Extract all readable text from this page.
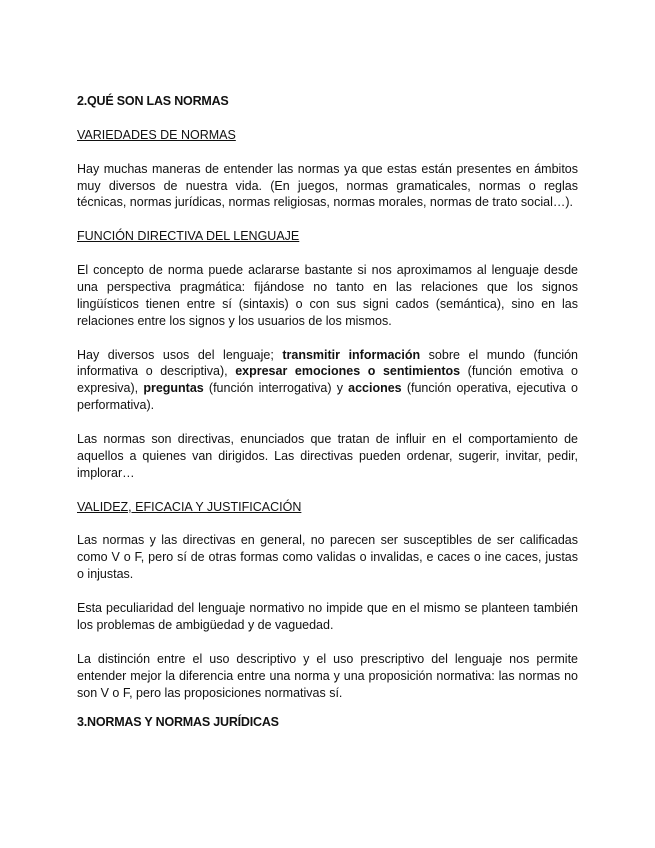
2.QUÉ SON LAS NORMAS
VARIEDADES DE NORMAS

Hay muchas maneras de entender las normas ya que estas están presentes en ámbitos muy diversos de nuestra vida. (En juegos, normas gramaticales, normas o reglas técnicas, normas jurídicas, normas religiosas, normas morales, normas de trato social…).

FUNCIÓN DIRECTIVA DEL LENGUAJE

El concepto de norma puede aclararse bastante si nos aproximamos al lenguaje desde una perspectiva pragmática: fijándose no tanto en las relaciones que los signos lingüísticos tienen entre sí (sintaxis) o con sus signi cados (semántica), sino en las relaciones entre los signos y los usuarios de los mismos.

Hay diversos usos del lenguaje; transmitir información sobre el mundo (función informativa o descriptiva), expresar emociones o sentimientos (función emotiva o expresiva), preguntas (función interrogativa) y acciones (función operativa, ejecutiva o performativa).

Las normas son directivas, enunciados que tratan de influir en el comportamiento de aquellos a quienes van dirigidos. Las directivas pueden ordenar, sugerir, invitar, pedir, implorar…

VALIDEZ, EFICACIA Y JUSTIFICACIÓN

Las normas y las directivas en general, no parecen ser susceptibles de ser calificadas como V o F, pero sí de otras formas como validas o invalidas, e caces o ine caces, justas o injustas.

Esta peculiaridad del lenguaje normativo no impide que en el mismo se planteen también los problemas de ambigüedad y de vaguedad.

La distinción entre el uso descriptivo y el uso prescriptivo del lenguaje nos permite entender mejor la diferencia entre una norma y una proposición normativa: las normas no son V o F, pero las proposiciones normativas sí.

3.NORMAS Y NORMAS JURÍDICAS
